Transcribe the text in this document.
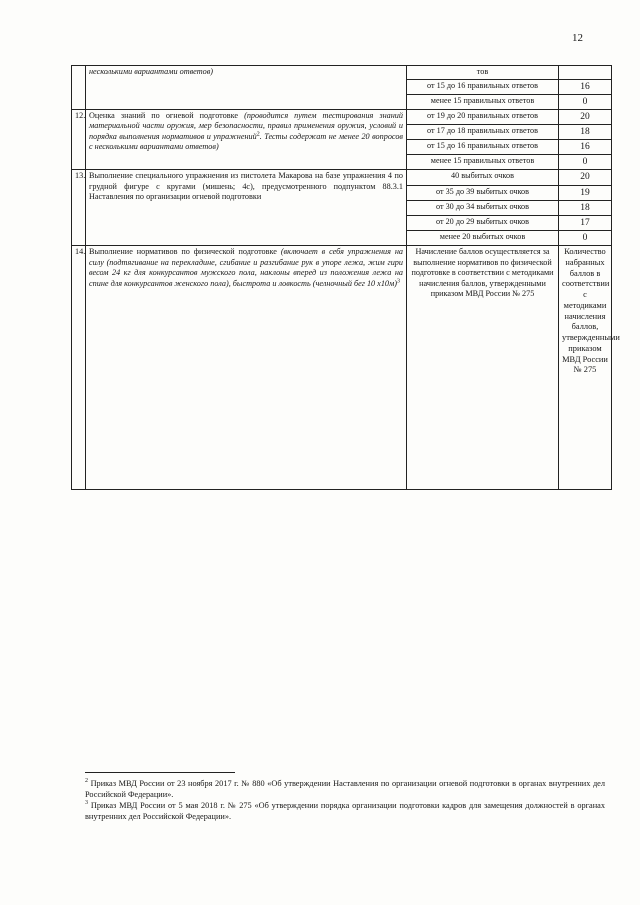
12
	несколькими вариантами ответов)	тов	
		от 15 до 16 правильных ответов	16
		менее 15 правильных ответов	0
12.	Оценка знаний по огневой подготовке (проводится путем тестирования знаний материальной части оружия, мер безопасности, правил применения оружия, условий и порядка выполнения нормативов и упражнений$^2$. Тесты содержат не менее 20 вопросов с несколькими вариантами ответов)	от 19 до 20 правильных ответов	20
		от 17 до 18 правильных ответов	18
		от 15 до 16 правильных ответов	16
		менее 15 правильных ответов	0
13.	Выполнение специального упражнения из пистолета Макарова на базе упражнения 4 по грудной фигуре с кругами (мишень; 4с), предусмотренного подпунктом 88.3.1 Наставления по организации огневой подготовки	40 выбитых очков	20
		от 35 до 39 выбитых очков	19
		от 30 до 34 выбитых очков	18
		от 20 до 29 выбитых очков	17
		менее 20 выбитых очков	0
14.	Выполнение нормативов по физической подготовке (включает в себя упражнения на силу (подтягивание на перекладине, сгибание и разгибание рук в упоре лежа, жим гири весом 24 кг для конкурсантов мужского пола, наклоны вперед из положения лежа на спине для конкурсантов женского пола), быстрота и ловкость (челночный бег 10 х10м)$^3$	Начисление баллов осуществляется за выполнение нормативов по физической подготовке в соответствии с методиками начисления баллов, утвержденными приказом МВД России № 275	Количество набранных баллов в соответствии с методиками начисления баллов, утвержденными приказом МВД России № 275

$^2$ Приказ МВД России от 23 ноября 2017 г. № 880 «Об утверждении Наставления по организации огневой подготовки в органах внутренних дел Российской Федерации».

$^3$ Приказ МВД России от 5 мая 2018 г. № 275 «Об утверждении порядка организации подготовки кадров для замещения должностей в органах внутренних дел Российской Федерации».
